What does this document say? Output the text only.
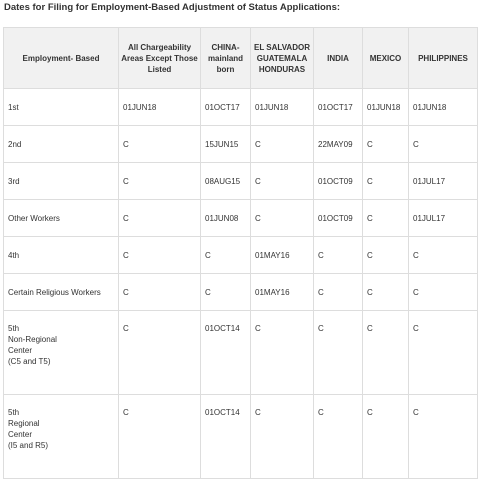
Dates for Filing for Employment-Based Adjustment of Status Applications:
Employment- Based	All Chargeability Areas Except Those Listed	CHINA-mainland born	EL SALVADOR GUATEMALA HONDURAS	INDIA	MEXICO	PHILIPPINES
1st	01JUN18	01OCT17	01JUN18	01OCT17	01JUN18	01JUN18
2nd	C	15JUN15	C	22MAY09	C	C
3rd	C	08AUG15	C	01OCT09	C	01JUL17
Other Workers	C	01JUN08	C	01OCT09	C	01JUL17
4th	C	C	01MAY16	C	C	C
Certain Religious Workers	C	C	01MAY16	C	C	C
5th
Non-Regional
Center
(C5 and T5)	C	01OCT14	C	C	C	C
5th
Regional
Center
(I5 and R5)	C	01OCT14	C	C	C	C
